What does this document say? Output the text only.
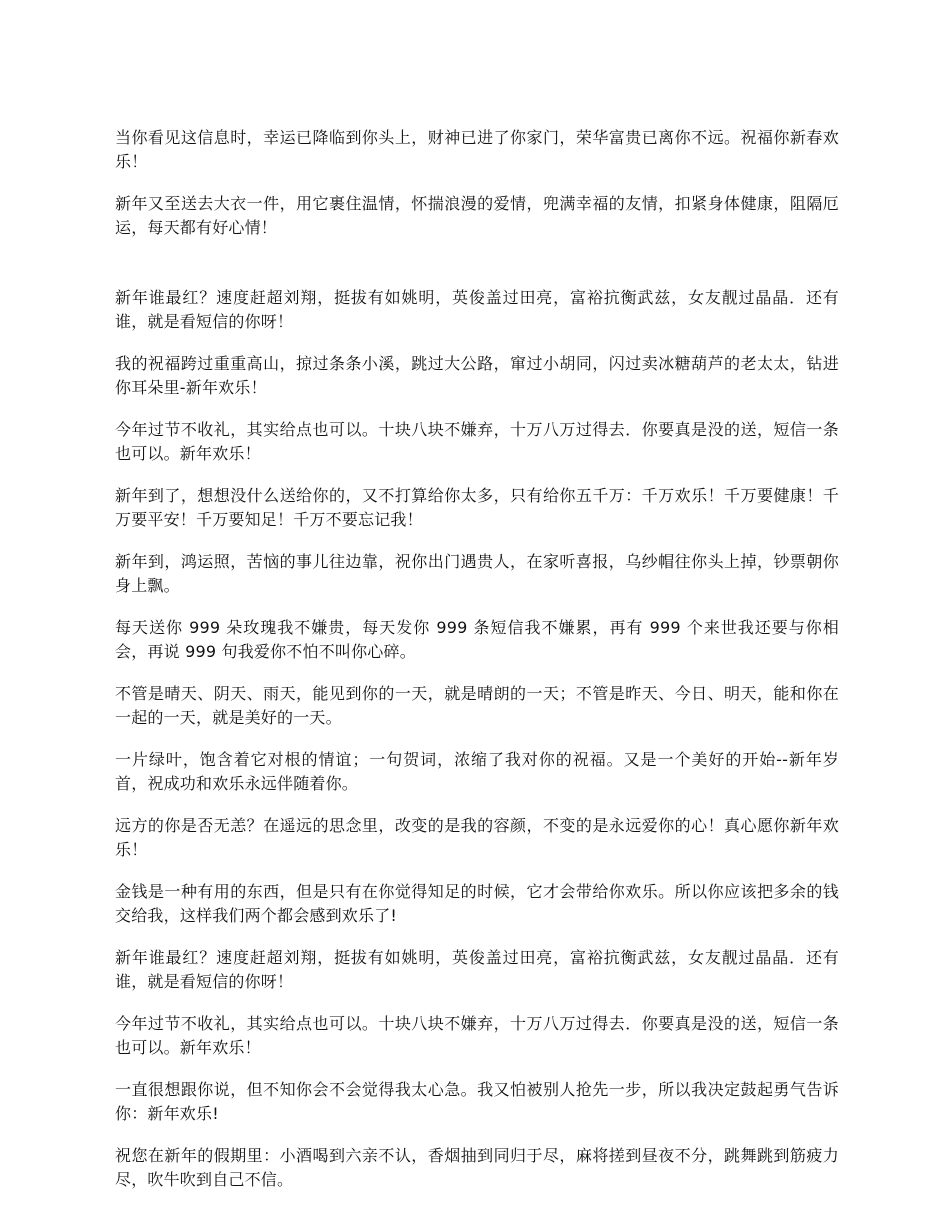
当你看见这信息时，幸运已降临到你头上，财神已进了你家门，荣华富贵已离你不远。祝福你新春欢乐！

新年又至送去大衣一件，用它裹住温情，怀揣浪漫的爱情，兜满幸福的友情，扣紧身体健康，阻隔厄运，每天都有好心情！

新年谁最红？速度赶超刘翔，挺拔有如姚明，英俊盖过田亮，富裕抗衡武兹，女友靓过晶晶．还有谁，就是看短信的你呀！

我的祝福跨过重重高山，掠过条条小溪，跳过大公路，窜过小胡同，闪过卖冰糖葫芦的老太太，钻进你耳朵里-新年欢乐！

今年过节不收礼，其实给点也可以。十块八块不嫌弃，十万八万过得去．你要真是没的送，短信一条也可以。新年欢乐！

新年到了，想想没什么送给你的，又不打算给你太多，只有给你五千万：千万欢乐！千万要健康！千万要平安！千万要知足！千万不要忘记我！

新年到，鸿运照，苦恼的事儿往边靠，祝你出门遇贵人，在家听喜报，乌纱帽往你头上掉，钞票朝你身上飘。

每天送你 999 朵玫瑰我不嫌贵，每天发你 999 条短信我不嫌累，再有 999 个来世我还要与你相会，再说 999 句我爱你不怕不叫你心碎。

不管是晴天、阴天、雨天，能见到你的一天，就是晴朗的一天；不管是昨天、今日、明天，能和你在一起的一天，就是美好的一天。

一片绿叶，饱含着它对根的情谊；一句贺词，浓缩了我对你的祝福。又是一个美好的开始--新年岁首，祝成功和欢乐永远伴随着你。

远方的你是否无恙？在遥远的思念里，改变的是我的容颜，不变的是永远爱你的心！真心愿你新年欢乐！

金钱是一种有用的东西，但是只有在你觉得知足的时候，它才会带给你欢乐。所以你应该把多余的钱交给我，这样我们两个都会感到欢乐了!

新年谁最红？速度赶超刘翔，挺拔有如姚明，英俊盖过田亮，富裕抗衡武兹，女友靓过晶晶．还有谁，就是看短信的你呀！

今年过节不收礼，其实给点也可以。十块八块不嫌弃，十万八万过得去．你要真是没的送，短信一条也可以。新年欢乐！

一直很想跟你说，但不知你会不会觉得我太心急。我又怕被别人抢先一步，所以我决定鼓起勇气告诉你：新年欢乐!

祝您在新年的假期里：小酒喝到六亲不认，香烟抽到同归于尽，麻将搓到昼夜不分，跳舞跳到筋疲力尽，吹牛吹到自己不信。
